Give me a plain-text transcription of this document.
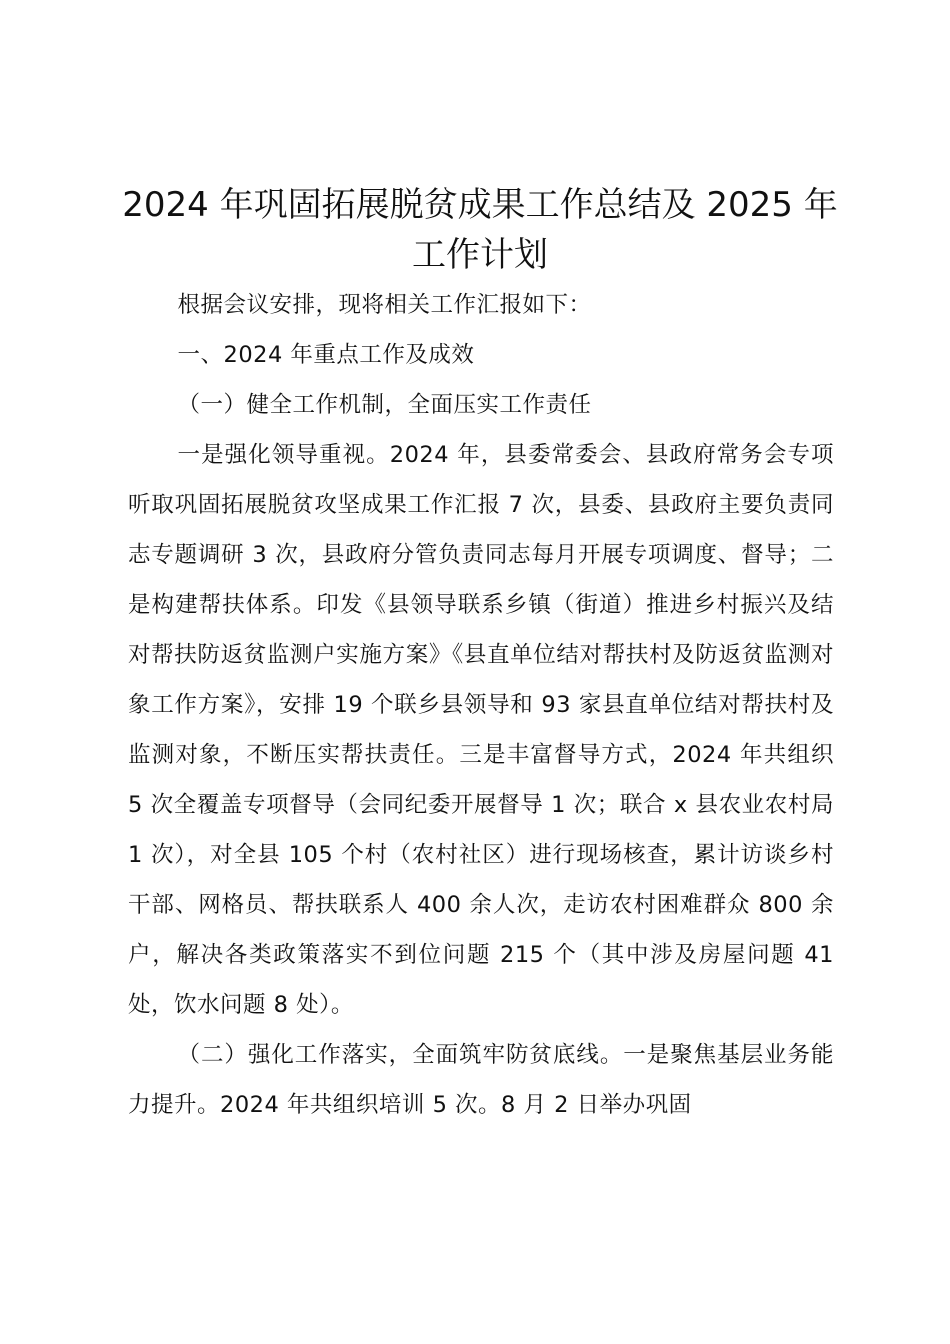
2024 年巩固拓展脱贫成果工作总结及 2025 年工作计划

根据会议安排，现将相关工作汇报如下：

一、2024 年重点工作及成效

（一）健全工作机制，全面压实工作责任

一是强化领导重视。2024 年，县委常委会、县政府常务会专项听取巩固拓展脱贫攻坚成果工作汇报 7 次，县委、县政府主要负责同志专题调研 3 次，县政府分管负责同志每月开展专项调度、督导；二是构建帮扶体系。印发《县领导联系乡镇（街道）推进乡村振兴及结对帮扶防返贫监测户实施方案》《县直单位结对帮扶村及防返贫监测对象工作方案》，安排 19 个联乡县领导和 93 家县直单位结对帮扶村及监测对象，不断压实帮扶责任。三是丰富督导方式，2024 年共组织 5 次全覆盖专项督导（会同纪委开展督导 1 次；联合 x 县农业农村局 1 次），对全县 105 个村（农村社区）进行现场核查，累计访谈乡村干部、网格员、帮扶联系人 400 余人次，走访农村困难群众 800 余户，解决各类政策落实不到位问题 215 个（其中涉及房屋问题 41 处，饮水问题 8 处）。

（二）强化工作落实，全面筑牢防贫底线。一是聚焦基层业务能力提升。2024 年共组织培训 5 次。8 月 2 日举办巩固
